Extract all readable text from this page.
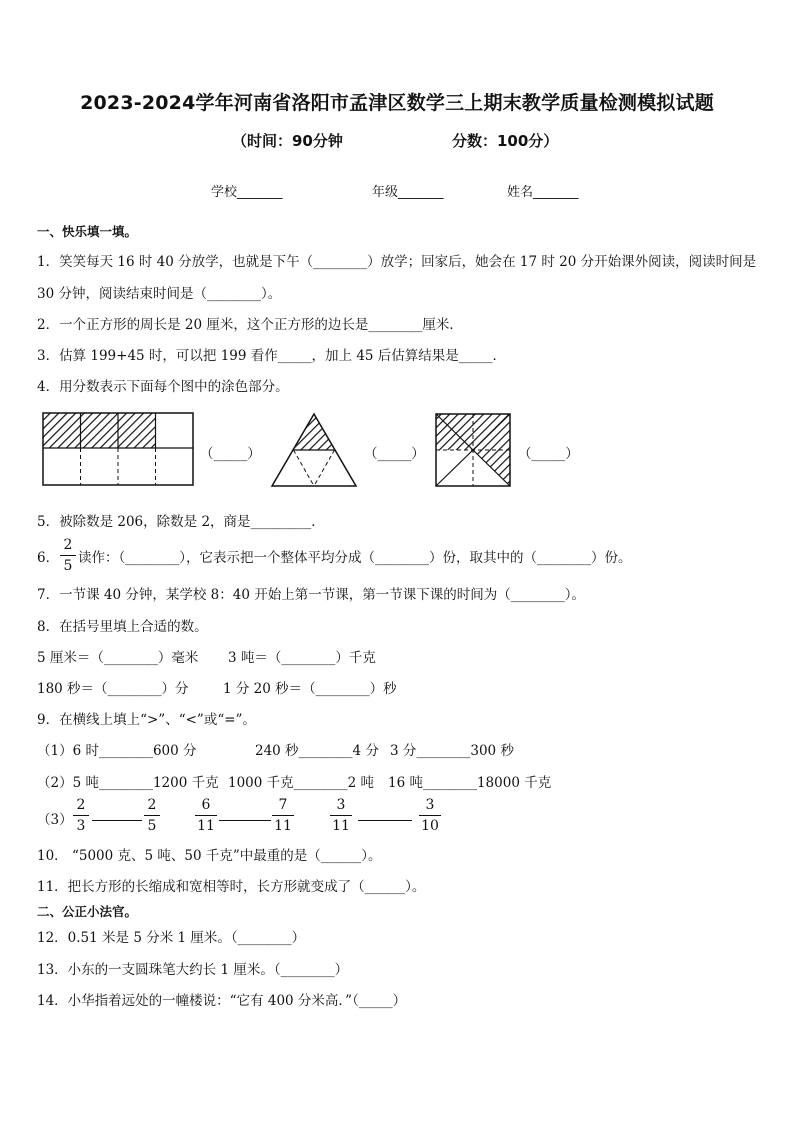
2023-2024学年河南省洛阳市孟津区数学三上期末教学质量检测模拟试题
（时间：90分钟	分数：100分）
学校_______	年级_______	姓名_______
一、快乐填一填。
1．笑笑每天 16 时 40 分放学，也就是下午（________）放学；回家后，她会在 17 时 20 分开始课外阅读，阅读时间是
30 分钟，阅读结束时间是（________）。
2．一个正方形的周长是 20 厘米，这个正方形的边长是________厘米．
3．估算 199+45 时，可以把 199 看作_____，加上 45 后估算结果是_____．
4．用分数表示下面每个图中的涂色部分。
（_____）	（_____）	（_____）
5．被除数是 206，除数是 2，商是_________．
6．
2
5 读作：（________），它表示把一个整体平均分成（________）份，取其中的（________）份。
7．一节课 40 分钟，某学校 8：40 开始上第一节课，第一节课下课的时间为（________）。
8．在括号里填上合适的数。
5 厘米＝（________）毫米 3 吨＝（________）千克
180 秒＝（________）分	1 分 20 秒＝（________）秒
9．在横线上填上“>”、“<”或“=”。
（1）6 时________600 分	240 秒________4 分 3 分________300 秒
（2）5 吨________1200 千克 1000 千克________2 吨 16 吨________18000 千克
（3）
2
3
2
5
6
11
7
11
3
11
3
10
10． “5000 克、5 吨、50 千克”中最重的是（______）。
11．把长方形的长缩成和宽相等时，长方形就变成了（______）。
二、公正小法官。
12．0.51 米是 5 分米 1 厘米。（________）
13．小东的一支圆珠笔大约长 1 厘米。（________）
14．小华指着远处的一幢楼说：“它有 400 分米高．”（_____）
